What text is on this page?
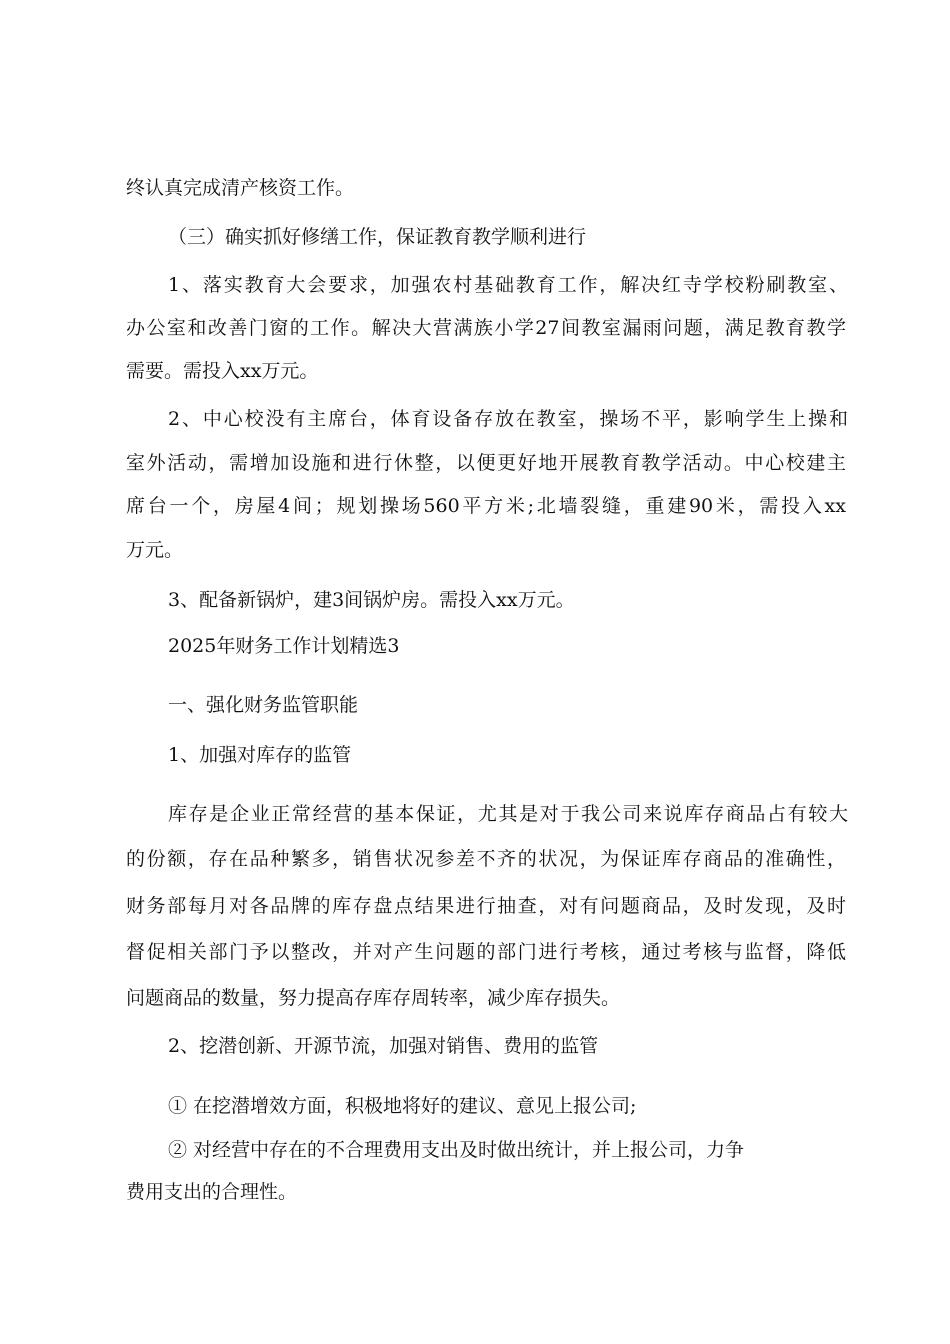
终认真完成清产核资工作。
（三）确实抓好修缮工作，保证教育教学顺利进行
1、落实教育大会要求，加强农村基础教育工作，解决红寺学校粉刷教室、
办公室和改善门窗的工作。解决大营满族小学27间教室漏雨问题，满足教育教学
需要。需投入xx万元。
2、中心校没有主席台，体育设备存放在教室，操场不平，影响学生上操和
室外活动，需增加设施和进行休整，以便更好地开展教育教学活动。中心校建主
席台一个，房屋4间；规划操场560平方米;北墙裂缝，重建90米，需投入xx
万元。
3、配备新锅炉，建3间锅炉房。需投入xx万元。
2025年财务工作计划精选3
一、强化财务监管职能
1、加强对库存的监管
库存是企业正常经营的基本保证，尤其是对于我公司来说库存商品占有较大
的份额，存在品种繁多，销售状况参差不齐的状况，为保证库存商品的准确性，
财务部每月对各品牌的库存盘点结果进行抽查，对有问题商品，及时发现，及时
督促相关部门予以整改，并对产生问题的部门进行考核，通过考核与监督，降低
问题商品的数量，努力提高存库存周转率，减少库存损失。
2、挖潜创新、开源节流，加强对销售、费用的监管
① 在挖潜增效方面，积极地将好的建议、意见上报公司;
② 对经营中存在的不合理费用支出及时做出统计，并上报公司，力争
费用支出的合理性。
